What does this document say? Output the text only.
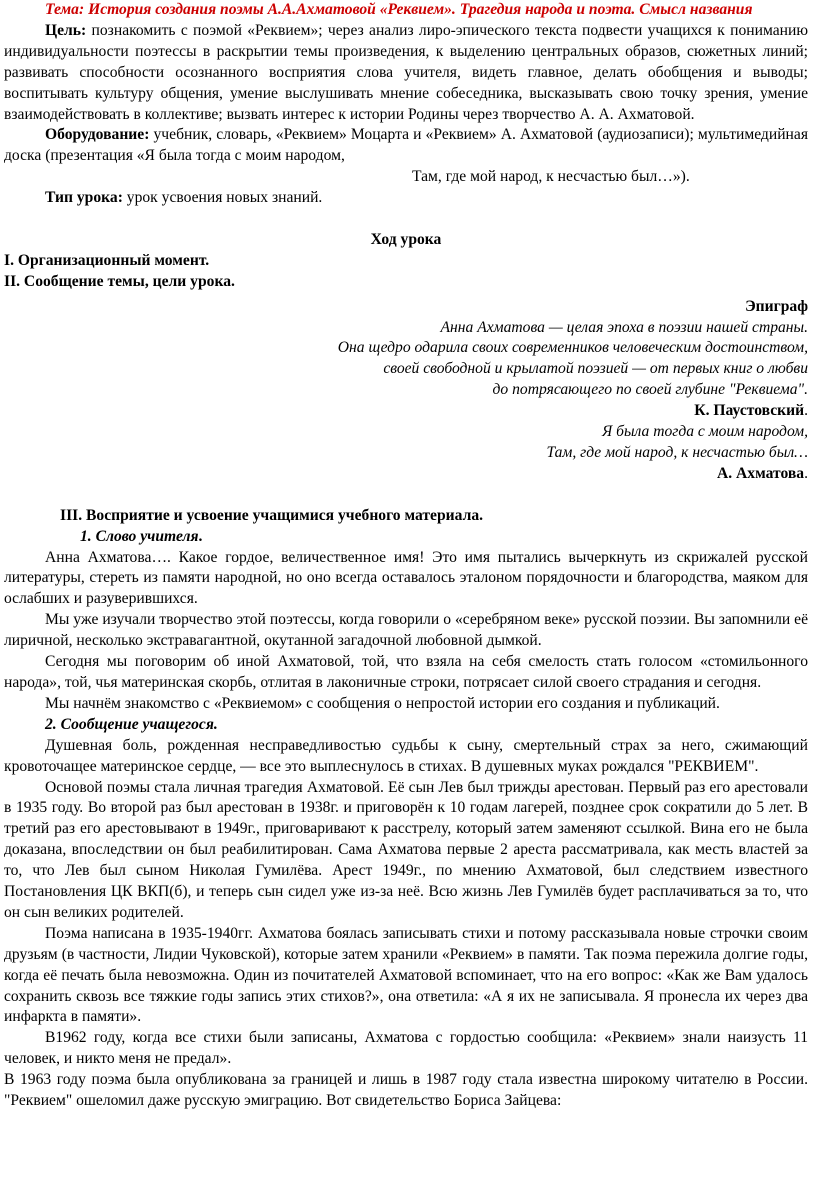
Тема: История создания поэмы А.А.Ахматовой «Реквием». Трагедия народа и поэта. Смысл названия

Цель: познакомить с поэмой «Реквием»; через анализ лиро-эпического текста подвести учащихся к пониманию индивидуальности поэтессы в раскрытии темы произведения, к выделению центральных образов, сюжетных линий; развивать способности осознанного восприятия слова учителя, видеть главное, делать обобщения и выводы; воспитывать культуру общения, умение выслушивать мнение собеседника, высказывать свою точку зрения, умение взаимодействовать в коллективе; вызвать интерес к истории Родины через творчество А. А. Ахматовой.

Оборудование: учебник, словарь, «Реквием» Моцарта и «Реквием» А. Ахматовой (аудиозаписи); мультимедийная доска (презентация «Я была тогда с моим народом,

Там, где мой народ, к несчастью был…»).

Тип урока: урок усвоения новых знаний.

Ход урока

I. Организационный момент.

II. Сообщение темы, цели урока.

Эпиграф

Анна Ахматова — целая эпоха в поэзии нашей страны.

Она щедро одарила своих современников человеческим достоинством,

своей свободной и крылатой поэзией — от первых книг о любви

до потрясающего по своей глубине "Реквиема".

К. Паустовский.

Я была тогда с моим народом,

Там, где мой народ, к несчастью был…

А. Ахматова.

III. Восприятие и усвоение учащимися учебного материала.

1. Слово учителя.

Анна Ахматова…. Какое гордое, величественное имя! Это имя пытались вычеркнуть из скрижалей русской литературы, стереть из памяти народной, но оно всегда оставалось эталоном порядочности и благородства, маяком для ослабших и разуверившихся.

Мы уже изучали творчество этой поэтессы, когда говорили о «серебряном веке» русской поэзии. Вы запомнили её лиричной, несколько экстравагантной, окутанной загадочной любовной дымкой.

Сегодня мы поговорим об иной Ахматовой, той, что взяла на себя смелость стать голосом «стомильонного народа», той, чья материнская скорбь, отлитая в лаконичные строки, потрясает силой своего страдания и сегодня.

Мы начнём знакомство с «Реквиемом» с сообщения о непростой истории его создания и публикаций.

2. Сообщение учащегося.

Душевная боль, рожденная несправедливостью судьбы к сыну, смертельный страх за него, сжимающий кровоточащее материнское сердце, — все это выплеснулось в стихах. В душевных муках рождался "РЕКВИЕМ".

Основой поэмы стала личная трагедия Ахматовой. Её сын Лев был трижды арестован. Первый раз его арестовали в 1935 году. Во второй раз был арестован в 1938г. и приговорён к 10 годам лагерей, позднее срок сократили до 5 лет. В третий раз его арестовывают в 1949г., приговаривают к расстрелу, который затем заменяют ссылкой. Вина его не была доказана, впоследствии он был реабилитирован. Сама Ахматова первые 2 ареста рассматривала, как месть властей за то, что Лев был сыном Николая Гумилёва. Арест 1949г., по мнению Ахматовой, был следствием известного Постановления ЦК ВКП(б), и теперь сын сидел уже из-за неё. Всю жизнь Лев Гумилёв будет расплачиваться за то, что он сын великих родителей.

Поэма написана в 1935-1940гг. Ахматова боялась записывать стихи и потому рассказывала новые строчки своим друзьям (в частности, Лидии Чуковской), которые затем хранили «Реквием» в памяти. Так поэма пережила долгие годы, когда её печать была невозможна. Один из почитателей Ахматовой вспоминает, что на его вопрос: «Как же Вам удалось сохранить сквозь все тяжкие годы запись этих стихов?», она ответила: «А я их не записывала. Я пронесла их через два инфаркта в памяти».

В1962 году, когда все стихи были записаны, Ахматова с гордостью сообщила: «Реквием» знали наизусть 11 человек, и никто меня не предал».

В 1963 году поэма была опубликована за границей и лишь в 1987 году стала известна широкому читателю в России. "Реквием" ошеломил даже русскую эмиграцию. Вот свидетельство Бориса Зайцева:
